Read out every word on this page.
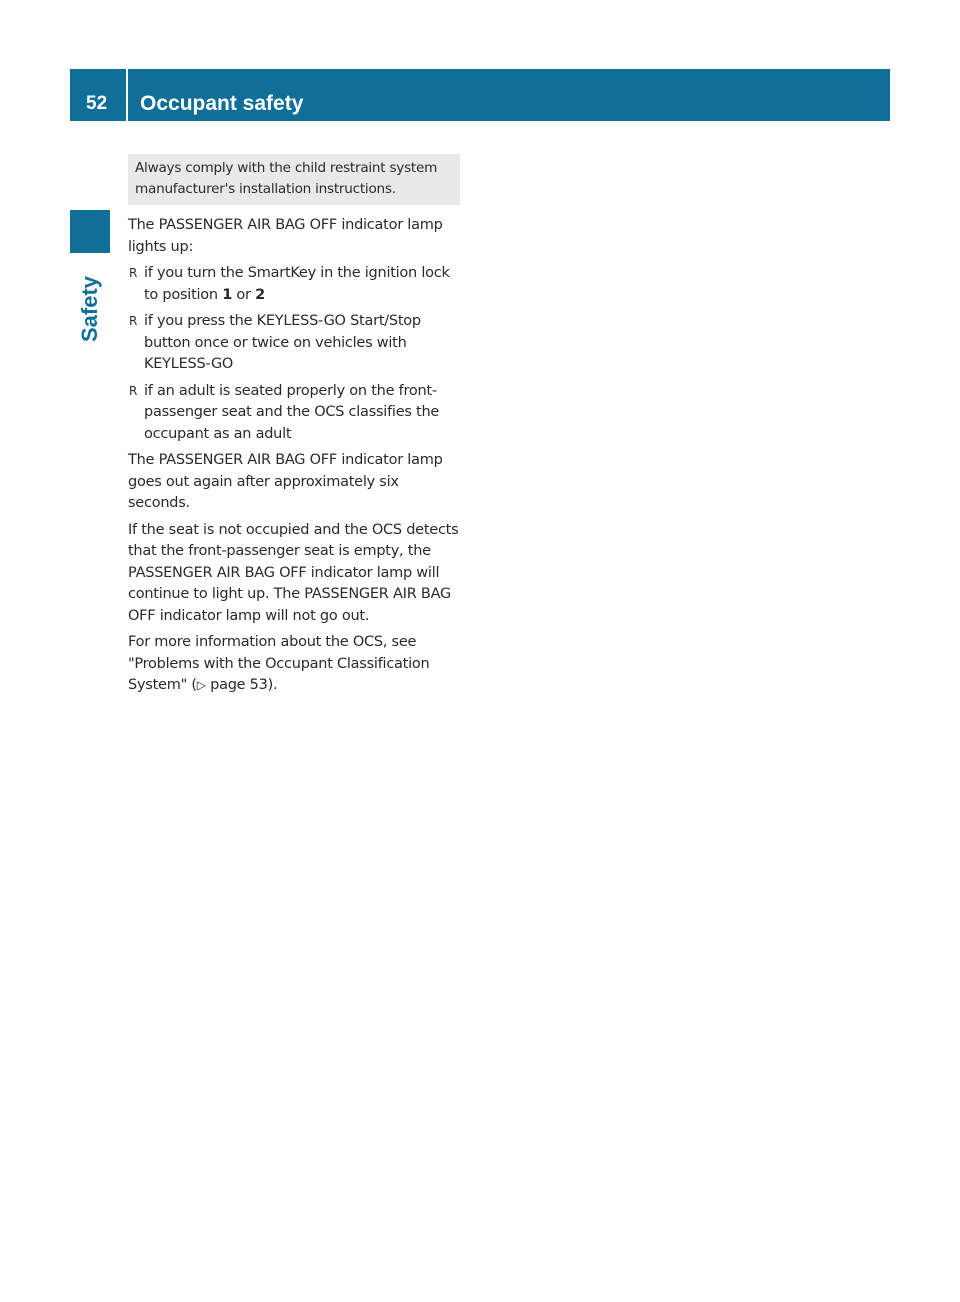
52	Occupant safety
Safety
Always comply with the child restraint system manufacturer's installation instructions.

The PASSENGER AIR BAG OFF indicator lamp lights up:

R if you turn the SmartKey in the ignition lock to position 1 or 2
R if you press the KEYLESS-GO Start/Stop button once or twice on vehicles with KEYLESS-GO
R if an adult is seated properly on the front-passenger seat and the OCS classifies the occupant as an adult

The PASSENGER AIR BAG OFF indicator lamp goes out again after approximately six seconds.

If the seat is not occupied and the OCS detects that the front-passenger seat is empty, the PASSENGER AIR BAG OFF indicator lamp will continue to light up. The PASSENGER AIR BAG OFF indicator lamp will not go out.

For more information about the OCS, see "Problems with the Occupant Classification System" (▷ page 53).
